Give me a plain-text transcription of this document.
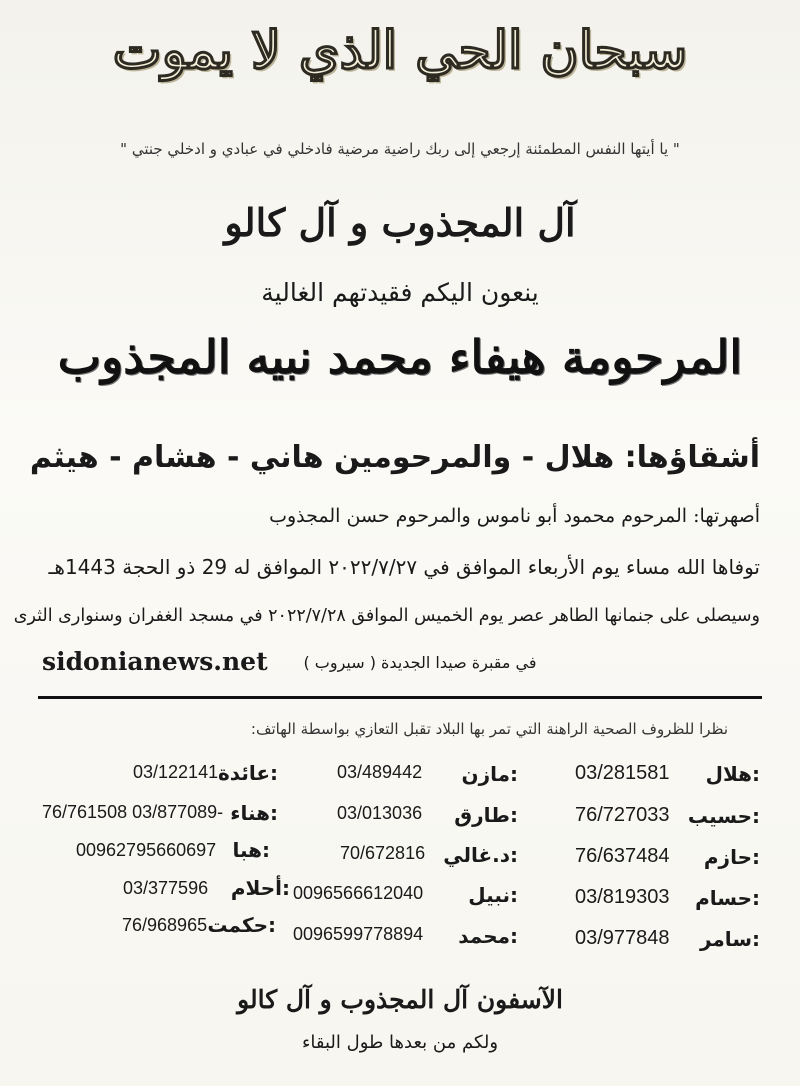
سبحان الحي الذي لا يموت
" يا أيتها النفس المطمئنة إرجعي إلى ربك راضية مرضية فادخلي في عبادي و ادخلي جنتي "
آل المجذوب و آل كالو
ينعون اليكم فقيدتهم الغالية
المرحومة هيفاء محمد نبيه المجذوب
أشقاؤها: هلال - والمرحومين هاني - هشام - هيثم
أصهرتها: المرحوم محمود أبو ناموس والمرحوم حسن المجذوب
توفاها الله مساء يوم الأربعاء الموافق في ٢٠٢٢/٧/٢٧ الموافق له 29 ذو الحجة 1443هـ
وسيصلى على جنمانها الطاهر عصر يوم الخميس الموافق ٢٠٢٢/٧/٢٨ في مسجد الغفران وسنوارى الثرى
في مقبرة صيدا الجديدة ( سيروب )
sidonianews.net
نظرا للظروف الصحية الراهنة التي تمر بها البلاد تقبل التعازي بواسطة الهاتف:
هلال:
03/281581
حسيب:
76/727033
حازم:
76/637484
حسام:
03/819303
سامر:
03/977848
مازن:
03/489442
طارق:
03/013036
د.غالي:
70/672816
نبيل:
0096566612040
محمد:
0096599778894
عائدة:
03/122141
هناء:
76/761508 03/877089-
هبا:
00962795660697
أحلام:
03/377596
حكمت:
76/968965
الآسفون آل المجذوب و آل كالو
ولكم من بعدها طول البقاء
